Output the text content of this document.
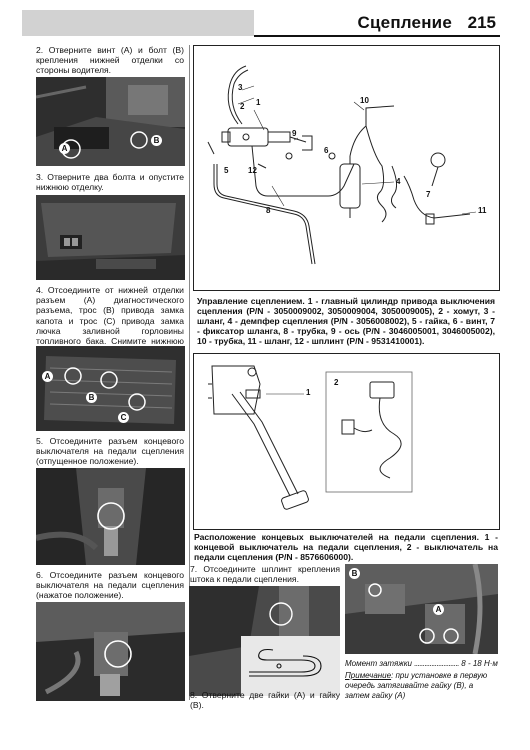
Сцепление 215
2. Отверните винт (A) и болт (B) крепления нижней отделки со стороны водителя.
A
B
3. Отверните два болта и опустите нижнюю отделку.
4. Отсоедините от нижней отделки разъем (A) диагностического разъема, трос (B) привода замка капота и трос (C) привода замка лючка заливной горловины топливного бака. Снимите нижнюю
A
B
C
5. Отсоедините разъем концевого выключателя на педали сцепления (отпущенное положение).
6. Отсоедините разъем концевого выключателя на педали сцепления (нажатое положение).
1
2
3
4
5
6
7
8
9
10
11
12
Управление сцеплением. 1 - главный цилиндр привода выключения сцепления (P/N - 3050009002, 3050009004, 3050009005), 2 - хомут, 3 - шланг, 4 - демпфер сцепления (P/N - 3056008002), 5 - гайка, 6 - винт, 7 - фиксатор шланга, 8 - трубка, 9 - ось (P/N - 3046005001, 3046005002), 10 - трубка, 11 - шланг, 12 - шплинт (P/N - 9531410001).
1
2
Расположение концевых выключателей на педали сцепления. 1 - концевой выключатель на педали сцепления, 2 - выключатель на педали сцепления (P/N - 8576606000).
7. Отсоедините шплинт крепления штока к педали сцепления.
B
A
Момент затяжки .......................... 8 - 18 Н·м
Примечание: при установке в первую очередь затягивайте гайку (B), а затем гайку (A)
8. Отверните две гайки (A) и гайку (B).
